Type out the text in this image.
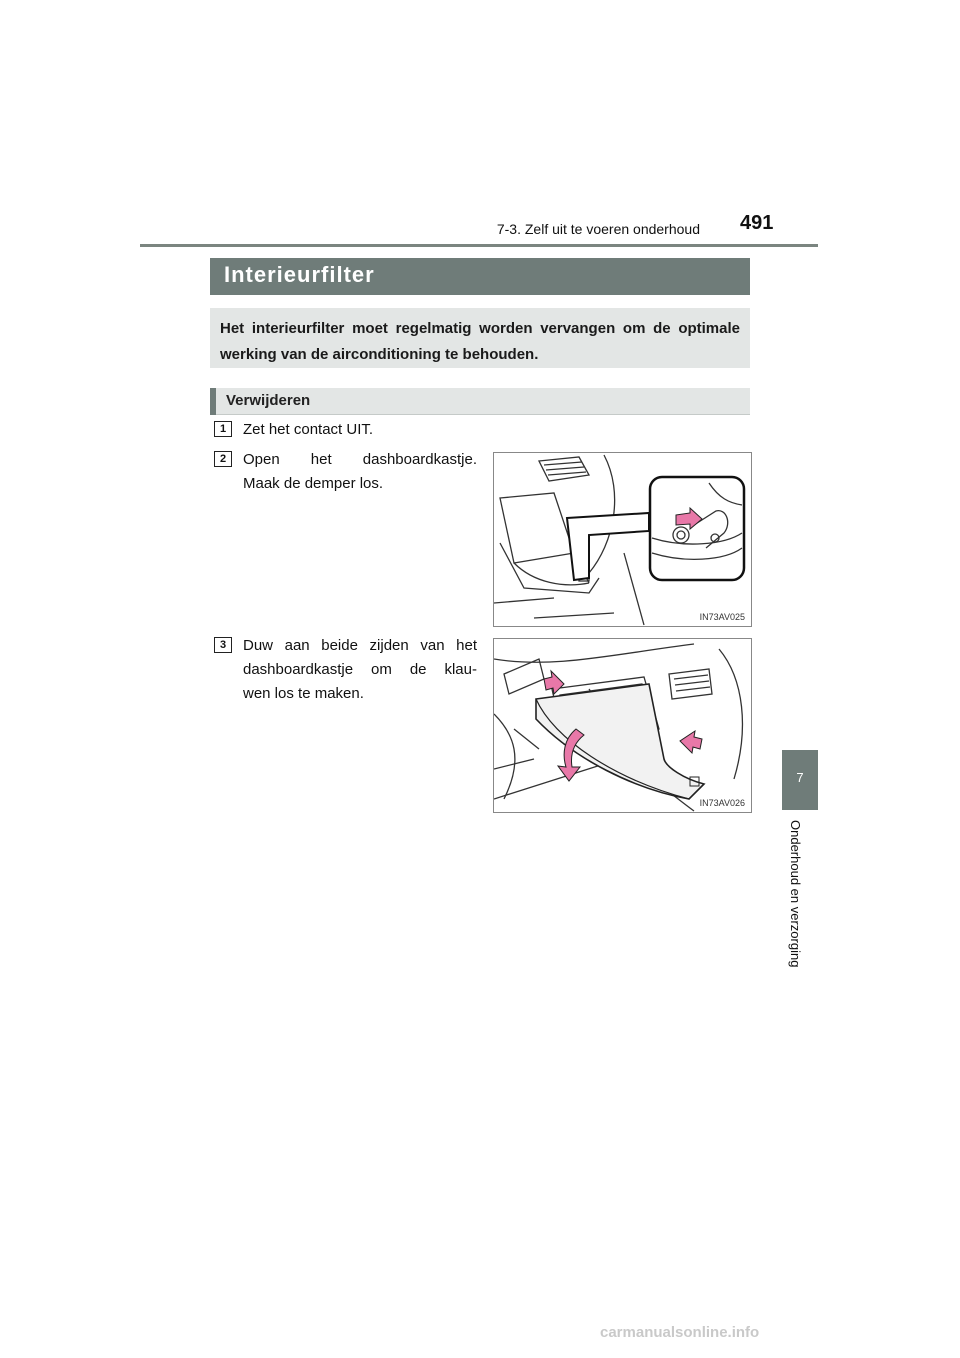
7-3. Zelf uit te voeren onderhoud 491
Interieurfilter
Het interieurfilter moet regelmatig worden vervangen om de optimale werking van de airconditioning te behouden.
Verwijderen
1	Zet het contact UIT.
2	Open het dashboardkastje.
Maak de demper los.
IN73AV025
3	Duw aan beide zijden van het
dashboardkastje om de klau-
wen los te maken.
IN73AV026
7
Onderhoud en verzorging
carmanualsonline.info
